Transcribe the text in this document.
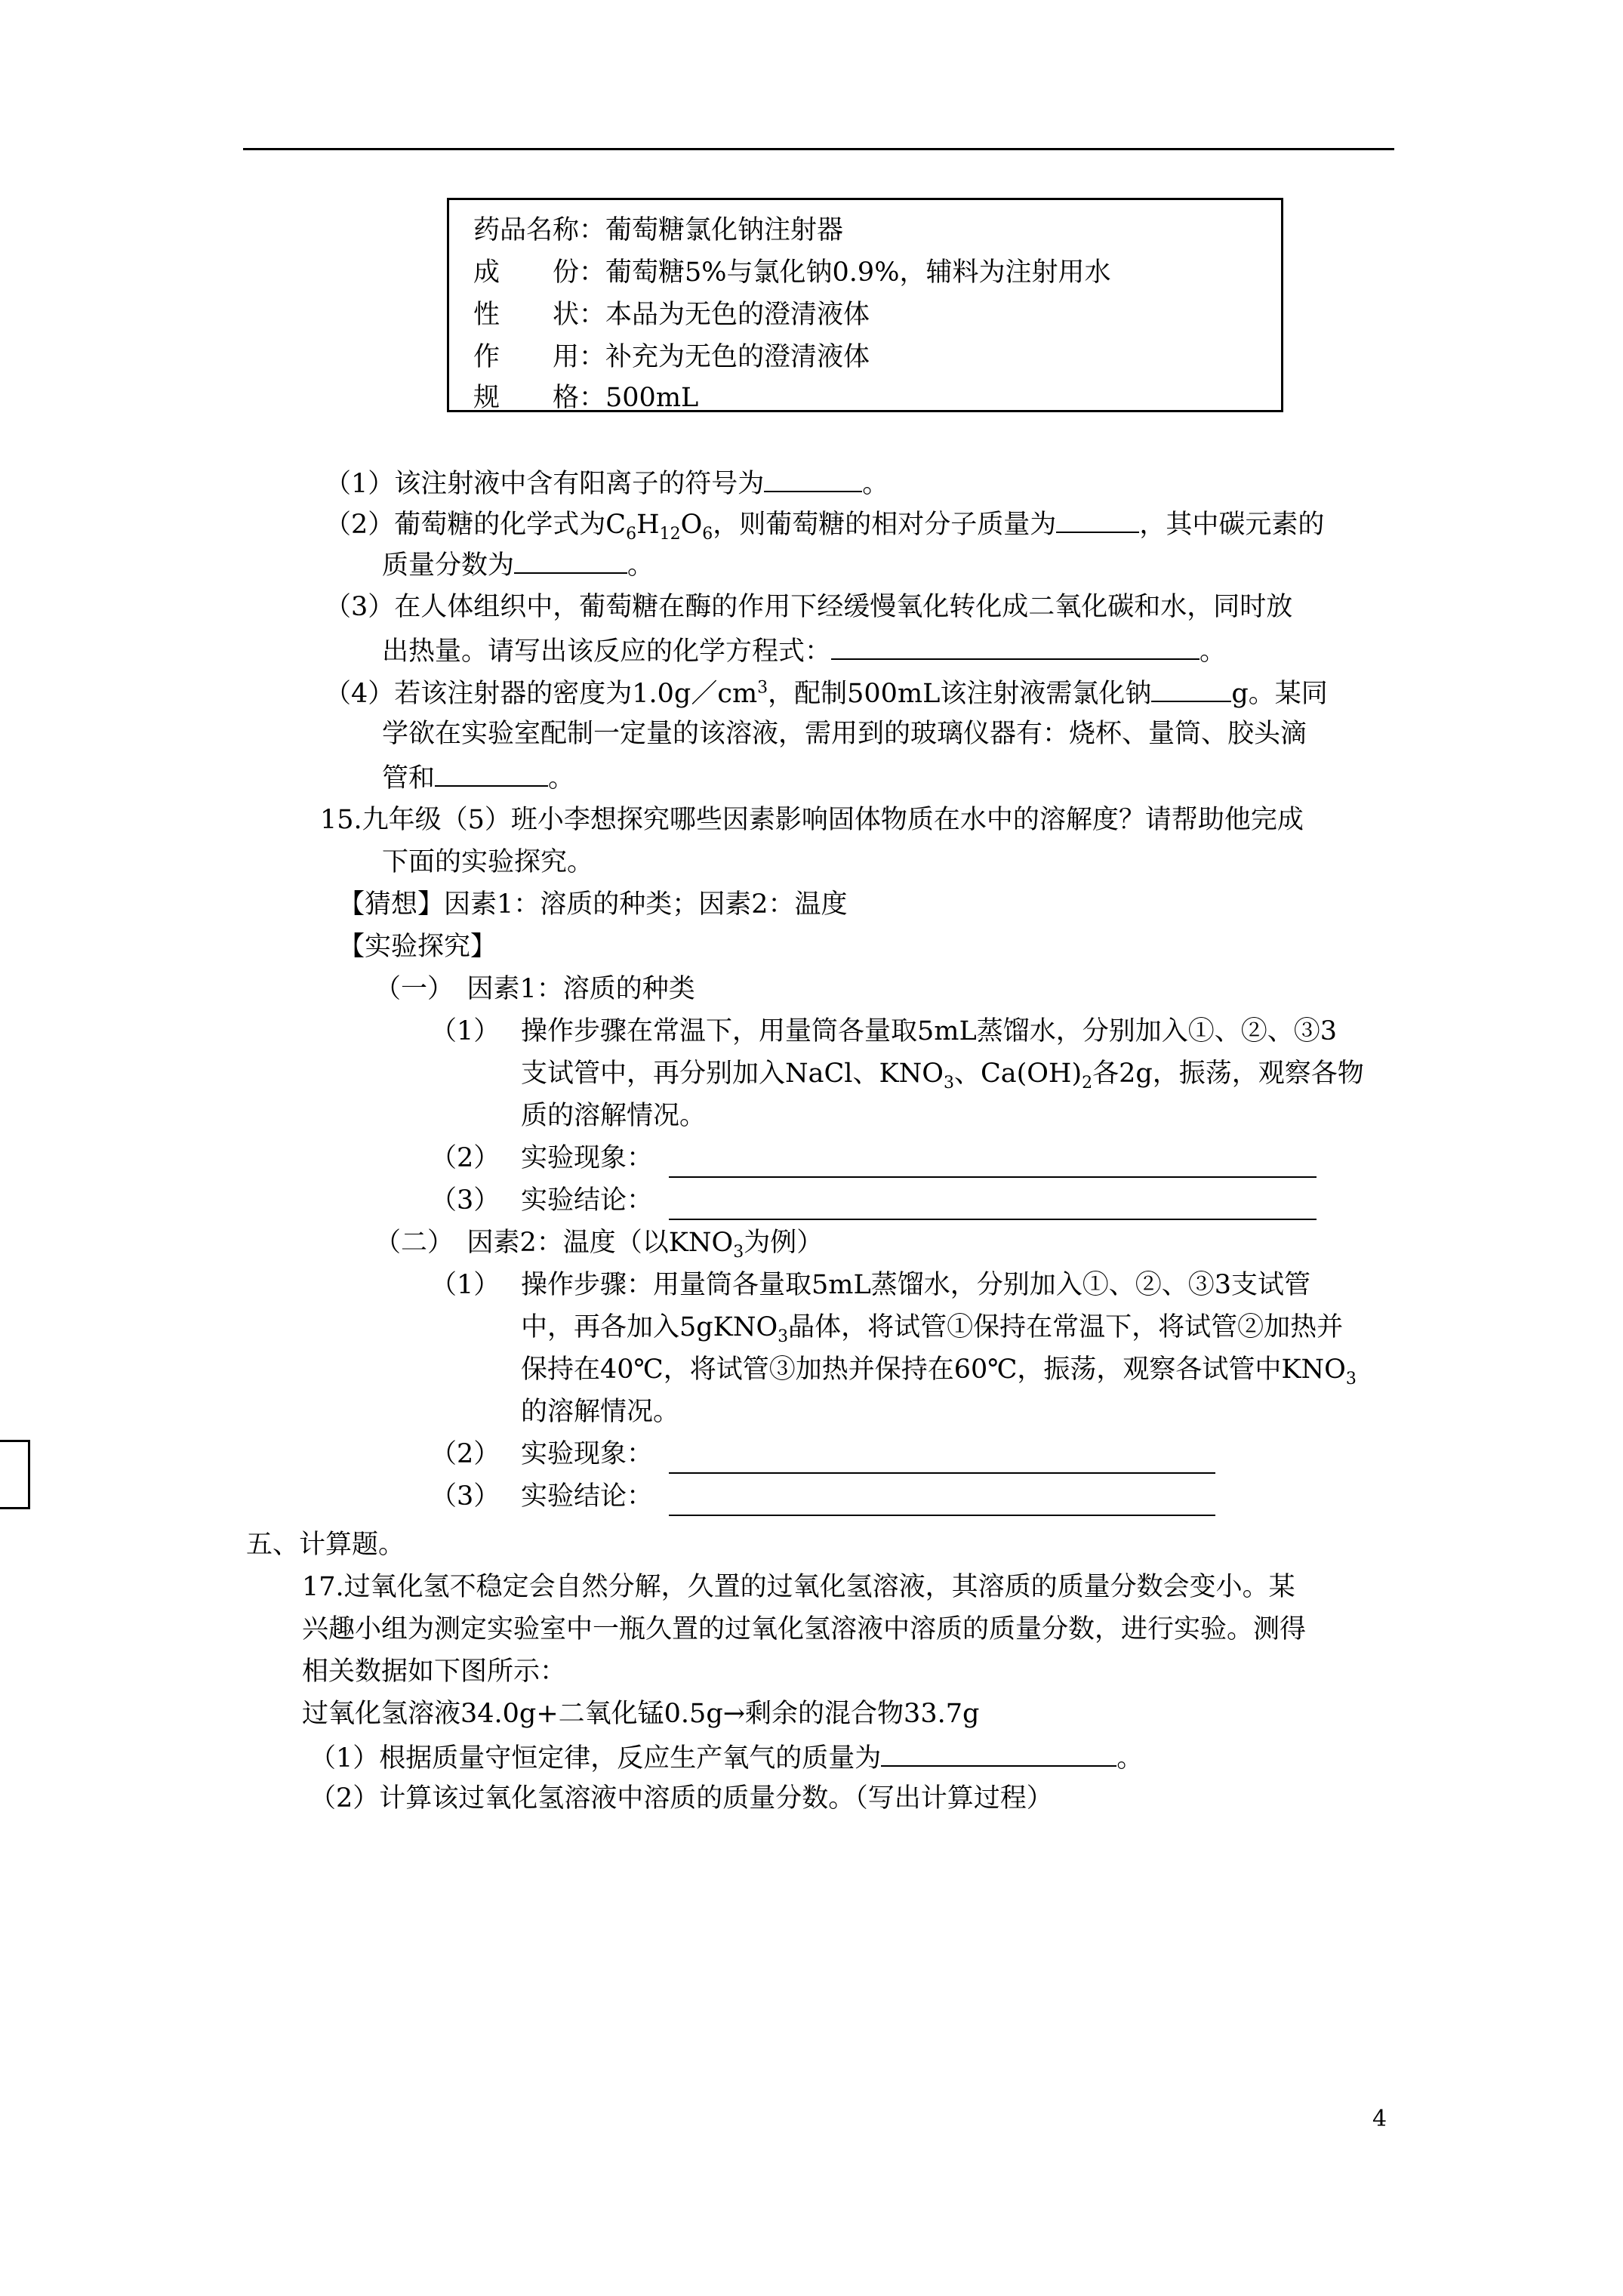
药品名称：葡萄糖氯化钠注射器
成　　份：葡萄糖5%与氯化钠0.9%，辅料为注射用水
性　　状：本品为无色的澄清液体
作　　用：补充为无色的澄清液体
规　　格：500mL
（1）该注射液中含有阳离子的符号为	。
（2）葡萄糖的化学式为$C_6H_{12}O_6$，则葡萄糖的相对分子质量为	，其中碳元素的
质量分数为	。
（3）在人体组织中，葡萄糖在酶的作用下经缓慢氧化转化成二氧化碳和水，同时放
出热量。请写出该反应的化学方程式：	。
（4）若该注射器的密度为$1.0g/cm^3$，配制500mL该注射液需氯化钠	g。某同
学欲在实验室配制一定量的该溶液，需用到的玻璃仪器有：烧杯、量筒、胶头滴
管和	。
15.九年级（5）班小李想探究哪些因素影响固体物质在水中的溶解度？请帮助他完成
下面的实验探究。
【猜想】因素1：溶质的种类；因素2：温度
【实验探究】
（一）　因素1：溶质的种类
（1） 操作步骤在常温下，用量筒各量取5mL蒸馏水，分别加入①、②、③3
支试管中，再分别加入NaCl、$KNO_3$、$Ca(OH)_2$各2g，振荡，观察各物
质的溶解情况。
（2） 实验现象：
（3） 实验结论：
（二）　因素2：温度（以$KNO_3$为例）
（1） 操作步骤：用量筒各量取5mL蒸馏水，分别加入①、②、③3支试管
中，再各加入5gKNO$_3$晶体，将试管①保持在常温下，将试管②加热并
保持在40℃，将试管③加热并保持在60℃，振荡，观察各试管中$KNO_3$
的溶解情况。
（2） 实验现象：
（3） 实验结论：
五、计算题。
17.过氧化氢不稳定会自然分解，久置的过氧化氢溶液，其溶质的质量分数会变小。某
兴趣小组为测定实验室中一瓶久置的过氧化氢溶液中溶质的质量分数，进行实验。测得
相关数据如下图所示：
过氧化氢溶液34.0g+二氧化锰0.5g→剩余的混合物33.7g
（1）根据质量守恒定律，反应生产氧气的质量为	。
（2）计算该过氧化氢溶液中溶质的质量分数。（写出计算过程）
4
